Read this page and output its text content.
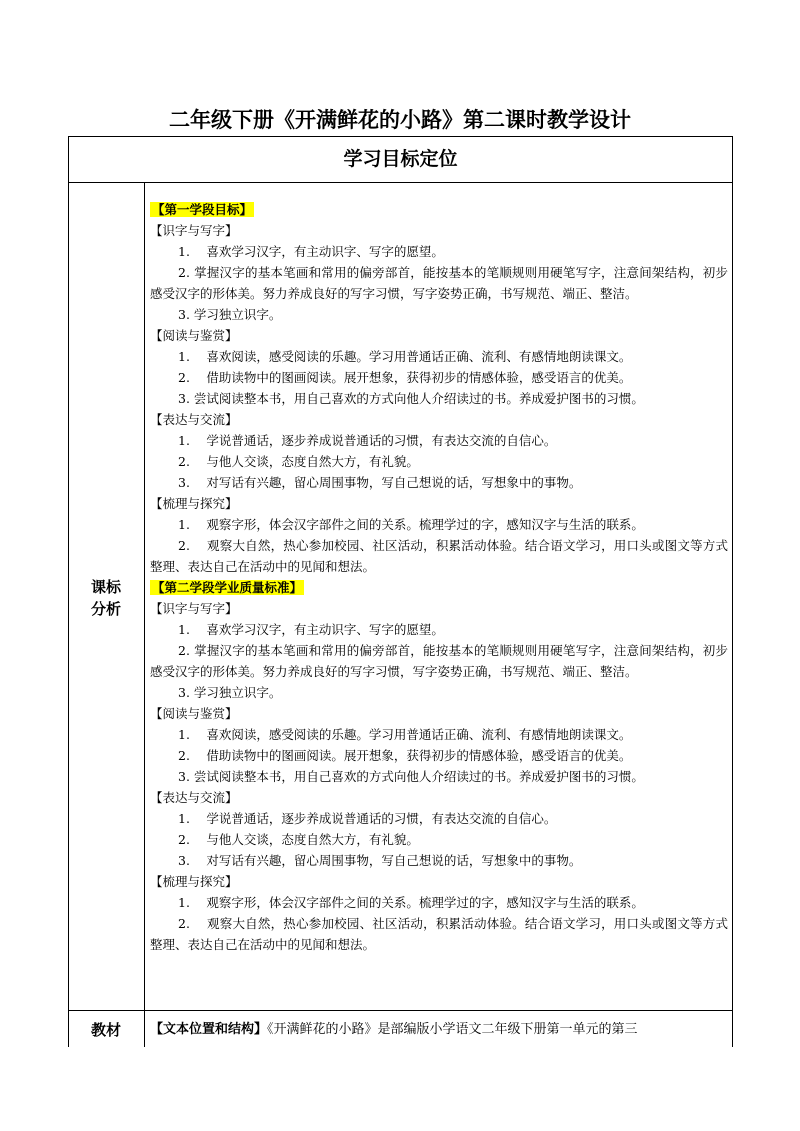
二年级下册《开满鲜花的小路》第二课时教学设计
学习目标定位
课标
分析
教材
【第一学段目标】
【识字与写字】
1.　 喜欢学习汉字，有主动识字、写字的愿望。
2. 掌握汉字的基本笔画和常用的偏旁部首，能按基本的笔顺规则用硬笔写字，注意间架结构，初步感受汉字的形体美。努力养成良好的写字习惯，写字姿势正确，书写规范、端正、整洁。
3. 学习独立识字。
【阅读与鉴赏】
1.　 喜欢阅读，感受阅读的乐趣。学习用普通话正确、流利、有感情地朗读课文。
2.　 借助读物中的图画阅读。展开想象，获得初步的情感体验，感受语言的优美。
3. 尝试阅读整本书，用自己喜欢的方式向他人介绍读过的书。养成爱护图书的习惯。
【表达与交流】
1.　 学说普通话，逐步养成说普通话的习惯，有表达交流的自信心。
2.　 与他人交谈，态度自然大方，有礼貌。
3.　 对写话有兴趣，留心周围事物，写自己想说的话，写想象中的事物。
【梳理与探究】
1.　 观察字形，体会汉字部件之间的关系。梳理学过的字，感知汉字与生活的联系。
2.　 观察大自然，热心参加校园、社区活动，积累活动体验。结合语文学习，用口头或图文等方式整理、表达自己在活动中的见闻和想法。
【第二学段学业质量标准】
【识字与写字】
1.　 喜欢学习汉字，有主动识字、写字的愿望。
2. 掌握汉字的基本笔画和常用的偏旁部首，能按基本的笔顺规则用硬笔写字，注意间架结构，初步感受汉字的形体美。努力养成良好的写字习惯，写字姿势正确，书写规范、端正、整洁。
3. 学习独立识字。
【阅读与鉴赏】
1.　 喜欢阅读，感受阅读的乐趣。学习用普通话正确、流利、有感情地朗读课文。
2.　 借助读物中的图画阅读。展开想象，获得初步的情感体验，感受语言的优美。
3. 尝试阅读整本书，用自己喜欢的方式向他人介绍读过的书。养成爱护图书的习惯。
【表达与交流】
1.　 学说普通话，逐步养成说普通话的习惯，有表达交流的自信心。
2.　 与他人交谈，态度自然大方，有礼貌。
3.　 对写话有兴趣，留心周围事物，写自己想说的话，写想象中的事物。
【梳理与探究】
1.　 观察字形，体会汉字部件之间的关系。梳理学过的字，感知汉字与生活的联系。
2.　 观察大自然，热心参加校园、社区活动，积累活动体验。结合语文学习，用口头或图文等方式整理、表达自己在活动中的见闻和想法。
【文本位置和结构】《开满鲜花的小路》是部编版小学语文二年级下册第一单元的第三
